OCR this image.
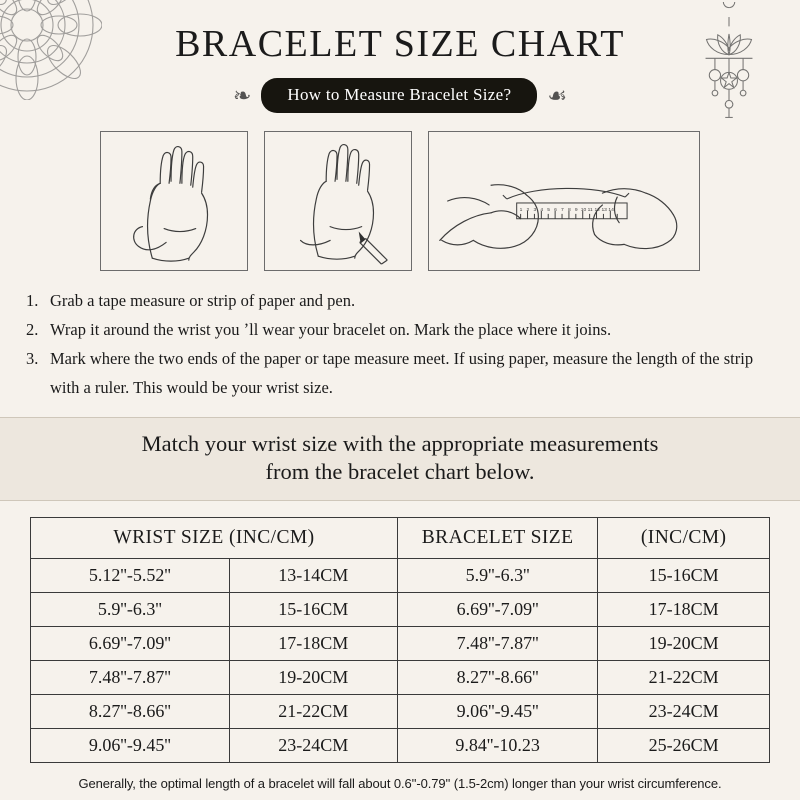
BRACELET SIZE CHART
❧	How to Measure Bracelet Size?	☙
1 2 3 4 5 6 7 8 9 10 11 12 13 14
1. Grab a tape measure or strip of paper and pen.
2. Wrap it around the wrist you ʼll wear your bracelet on. Mark the place where it joins.
3. Mark where the two ends of the paper or tape measure meet. If using paper, measure the length of the strip with a ruler. This would be your wrist size.
Match your wrist size with the appropriate measurements
from the bracelet chart below.
WRIST SIZE (INC/CM)		BRACELET SIZE	(INC/CM)
5.12''-5.52''	13-14CM	5.9''-6.3''	15-16CM
5.9''-6.3''	15-16CM	6.69''-7.09''	17-18CM
6.69''-7.09''	17-18CM	7.48''-7.87''	19-20CM
7.48''-7.87''	19-20CM	8.27''-8.66''	21-22CM
8.27''-8.66''	21-22CM	9.06''-9.45''	23-24CM
9.06''-9.45''	23-24CM	9.84''-10.23	25-26CM
Generally, the optimal length of a bracelet will fall about 0.6''-0.79'' (1.5-2cm) longer than your wrist circumference.
